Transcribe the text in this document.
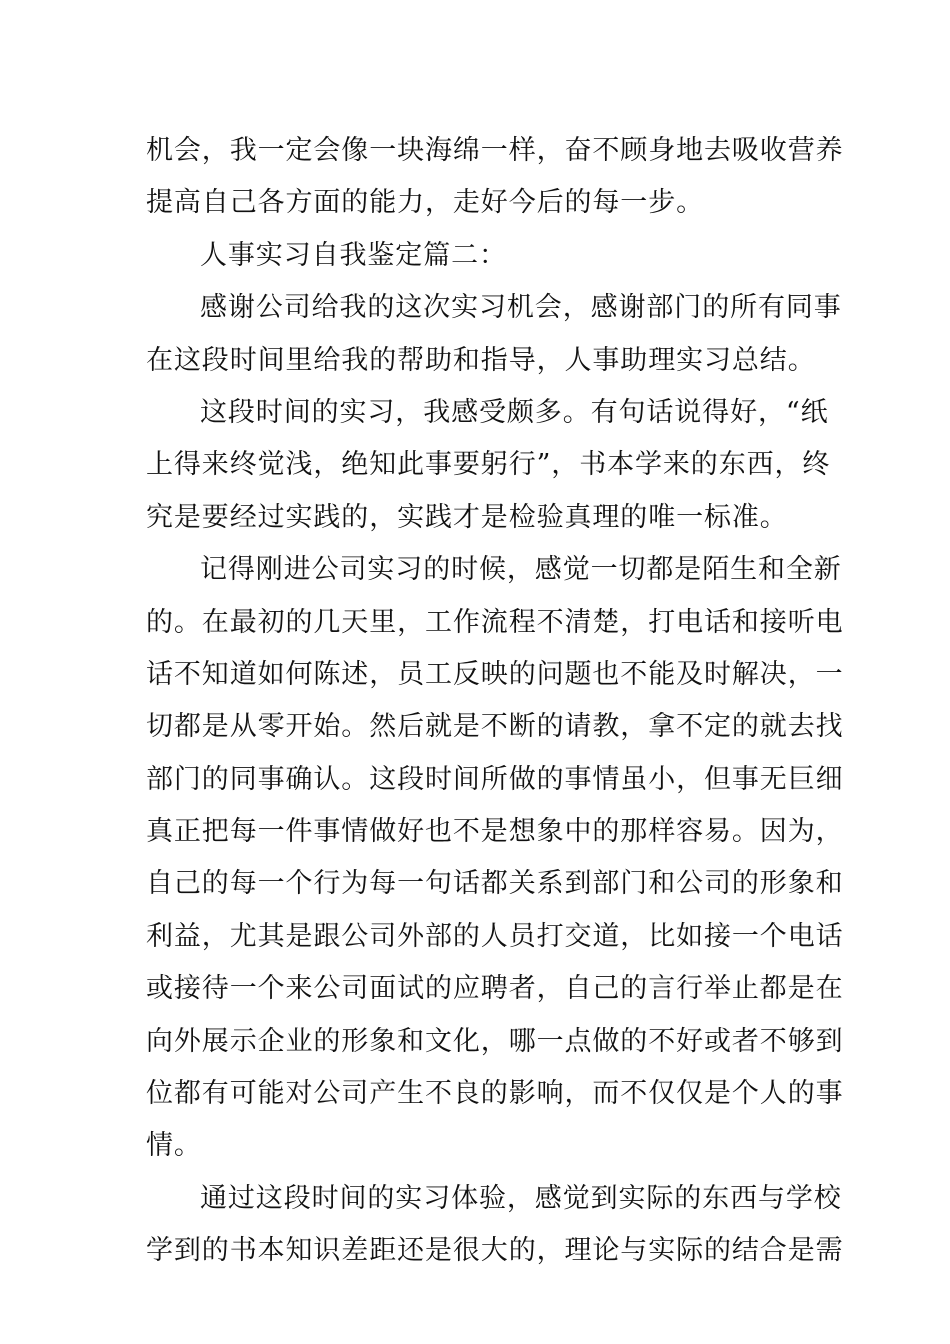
机会，我一定会像一块海绵一样，奋不顾身地去吸收营养
提高自己各方面的能力，走好今后的每一步。
人事实习自我鉴定篇二：
感谢公司给我的这次实习机会，感谢部门的所有同事
在这段时间里给我的帮助和指导，人事助理实习总结。
这段时间的实习，我感受颇多。有句话说得好，“纸
上得来终觉浅，绝知此事要躬行”，书本学来的东西，终
究是要经过实践的，实践才是检验真理的唯一标准。
记得刚进公司实习的时候，感觉一切都是陌生和全新
的。在最初的几天里，工作流程不清楚，打电话和接听电
话不知道如何陈述，员工反映的问题也不能及时解决，一
切都是从零开始。然后就是不断的请教，拿不定的就去找
部门的同事确认。这段时间所做的事情虽小，但事无巨细
真正把每一件事情做好也不是想象中的那样容易。因为，
自己的每一个行为每一句话都关系到部门和公司的形象和
利益，尤其是跟公司外部的人员打交道，比如接一个电话
或接待一个来公司面试的应聘者，自己的言行举止都是在
向外展示企业的形象和文化，哪一点做的不好或者不够到
位都有可能对公司产生不良的影响，而不仅仅是个人的事
情。
通过这段时间的实习体验，感觉到实际的东西与学校
学到的书本知识差距还是很大的，理论与实际的结合是需
